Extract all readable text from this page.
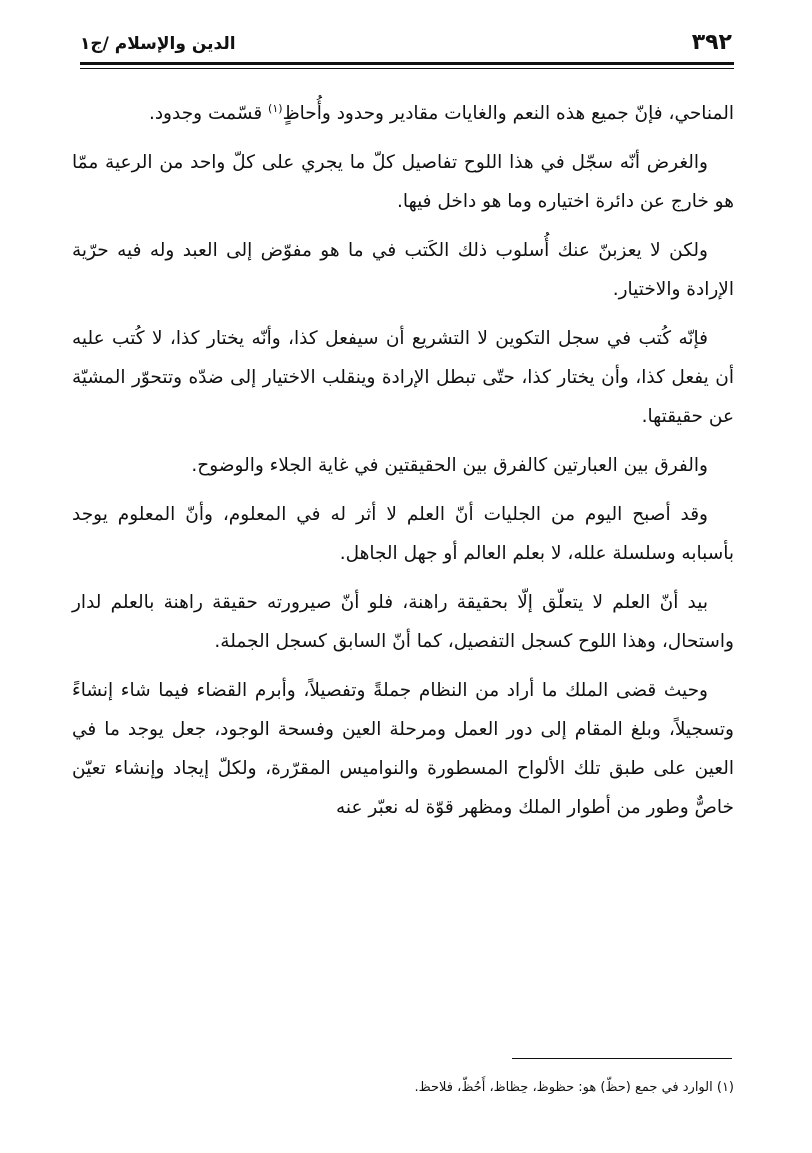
٣٩٢
الدين والإسلام /ج١

المناحي، فإنّ جميع هذه النعم والغايات مقادير وحدود وأُحاظٍ$^{(١)}$ قسّمت وجدود.

والغرض أنّه سجّل في هذا اللوح تفاصيل كلّ ما يجري على كلّ واحد من الرعية ممّا هو خارج عن دائرة اختياره وما هو داخل فيها.

ولكن لا يعزبنّ عنك أُسلوب ذلك الكَتب في ما هو مفوّض إلى العبد وله فيه حرّية الإرادة والاختيار.

فإنّه كُتب في سجل التكوين لا التشريع أن سيفعل كذا، وأنّه يختار كذا، لا كُتب عليه أن يفعل كذا، وأن يختار كذا، حتّى تبطل الإرادة وينقلب الاختيار إلى ضدّه وتتحوّر المشيّة عن حقيقتها.

والفرق بين العبارتين كالفرق بين الحقيقتين في غاية الجلاء والوضوح.

وقد أصبح اليوم من الجليات أنّ العلم لا أثر له في المعلوم، وأنّ المعلوم يوجد بأسبابه وسلسلة علله، لا بعلم العالم أو جهل الجاهل.

بيد أنّ العلم لا يتعلّق إلّا بحقيقة راهنة، فلو أنّ صيرورته حقيقة راهنة بالعلم لدار واستحال، وهذا اللوح كسجل التفصيل، كما أنّ السابق كسجل الجملة.

وحيث قضى الملك ما أراد من النظام جملةً وتفصيلاً، وأبرم القضاء فيما شاء إنشاءً وتسجيلاً، وبلغ المقام إلى دور العمل ومرحلة العين وفسحة الوجود، جعل يوجد ما في العين على طبق تلك الألواح المسطورة والنواميس المقرّرة، ولكلّ إيجاد وإنشاء تعيّن خاصٌّ وطور من أطوار الملك ومظهر قوّة له نعبّر عنه

(١) الوارد في جمع (حظّ) هو: حظوظ، حِظاظ، أَحُظّ، فلاحظ.
